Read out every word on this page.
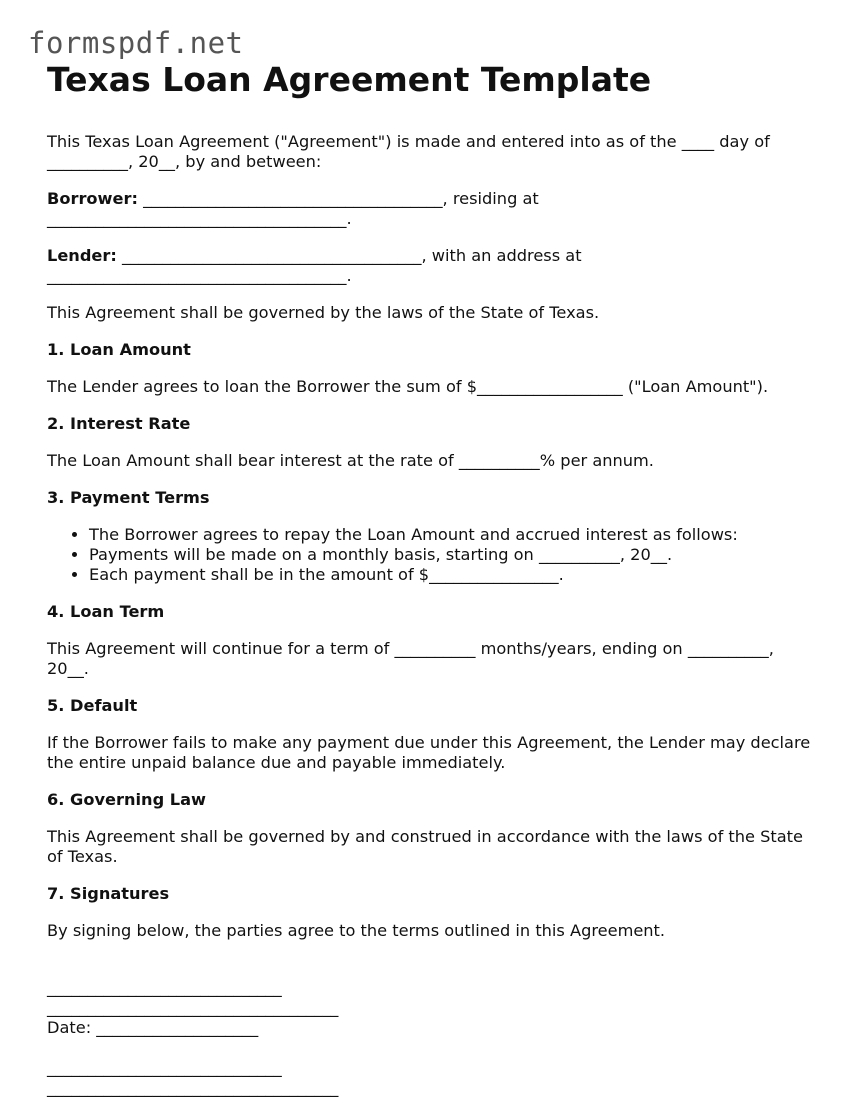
formspdf.net
Texas Loan Agreement Template

This Texas Loan Agreement ("Agreement") is made and entered into as of the ____ day of __________, 20__, by and between:

Borrower: _____________________________________, residing at _____________________________________.

Lender: _____________________________________, with an address at _____________________________________.

This Agreement shall be governed by the laws of the State of Texas.

1. Loan Amount

The Lender agrees to loan the Borrower the sum of $__________________ ("Loan Amount").

2. Interest Rate

The Loan Amount shall bear interest at the rate of __________% per annum.

3. Payment Terms
• The Borrower agrees to repay the Loan Amount and accrued interest as follows:
• Payments will be made on a monthly basis, starting on __________, 20__.
• Each payment shall be in the amount of $________________.
4. Loan Term

This Agreement will continue for a term of __________ months/years, ending on __________, 20__.

5. Default

If the Borrower fails to make any payment due under this Agreement, the Lender may declare the entire unpaid balance due and payable immediately.

6. Governing Law

This Agreement shall be governed by and construed in accordance with the laws of the State of Texas.

7. Signatures

By signing below, the parties agree to the terms outlined in this Agreement.

_____________________________
____________________________________
Date: ____________________
_____________________________
____________________________________
